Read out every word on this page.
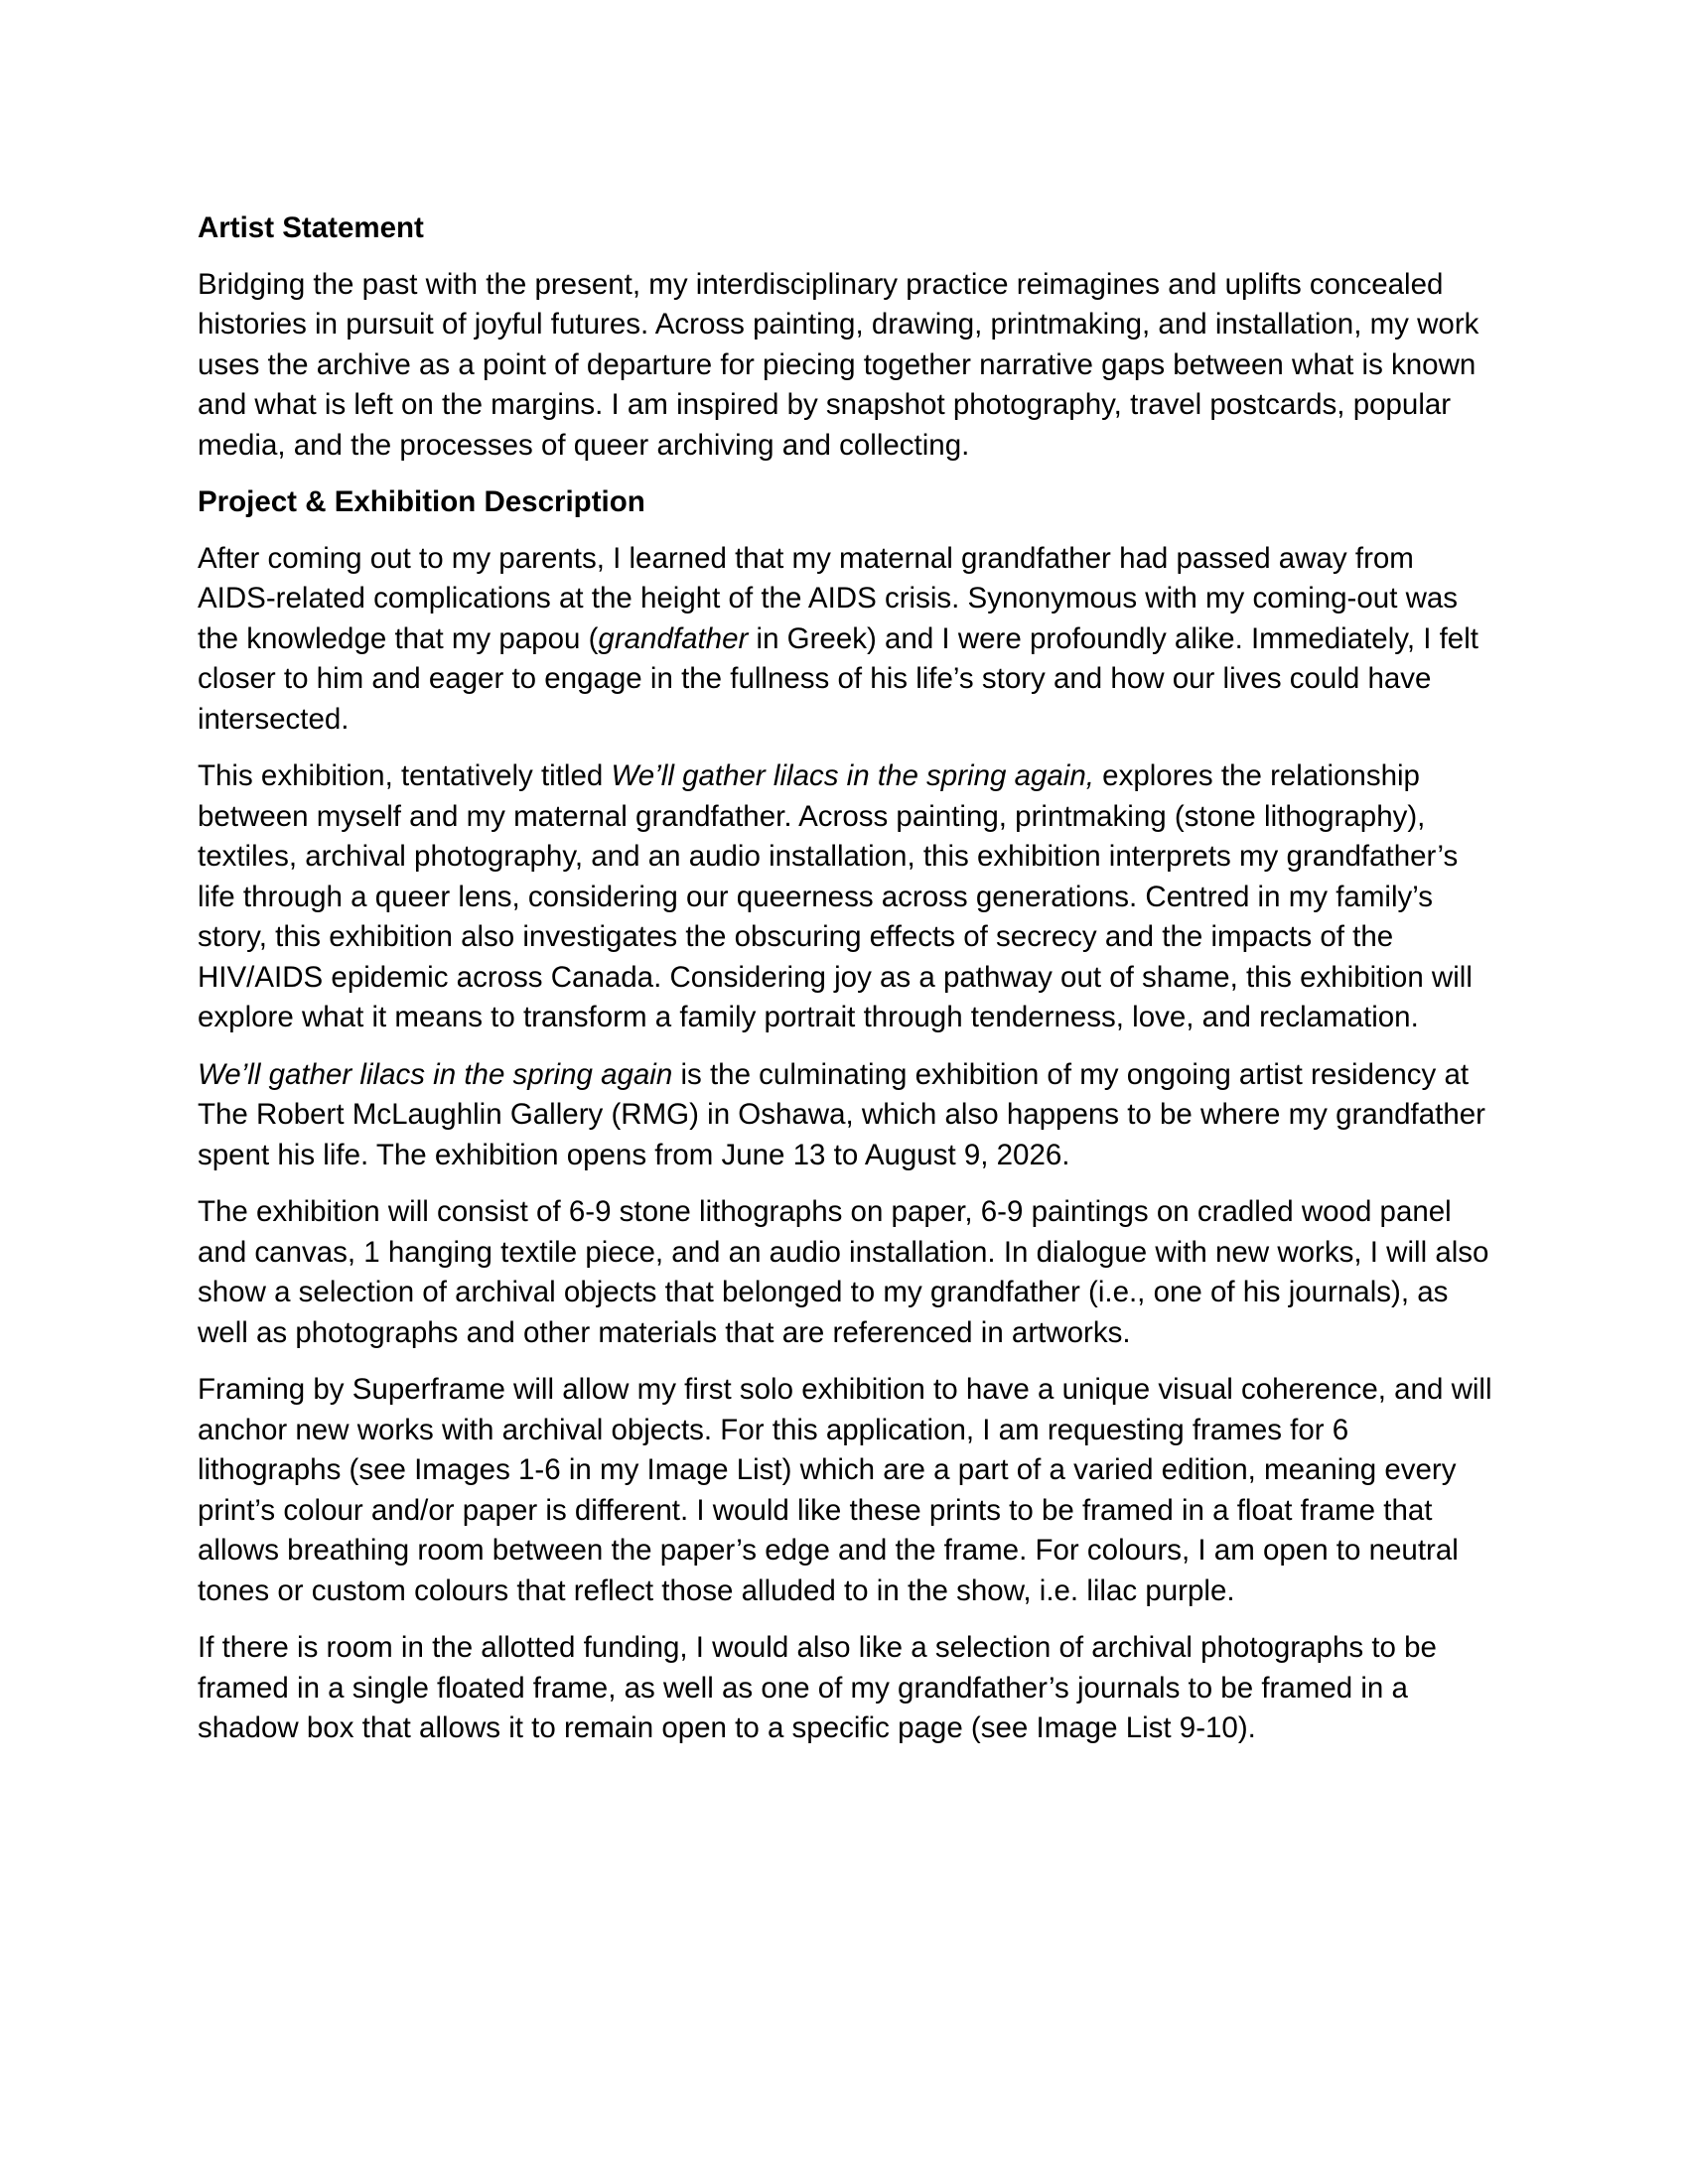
Artist Statement
Bridging the past with the present, my interdisciplinary practice reimagines and uplifts concealed histories in pursuit of joyful futures. Across painting, drawing, printmaking, and installation, my work uses the archive as a point of departure for piecing together narrative gaps between what is known and what is left on the margins. I am inspired by snapshot photography, travel postcards, popular media, and the processes of queer archiving and collecting.
Project & Exhibition Description
After coming out to my parents, I learned that my maternal grandfather had passed away from AIDS-related complications at the height of the AIDS crisis. Synonymous with my coming-out was the knowledge that my papou (grandfather in Greek) and I were profoundly alike. Immediately, I felt closer to him and eager to engage in the fullness of his life’s story and how our lives could have intersected.
This exhibition, tentatively titled We’ll gather lilacs in the spring again, explores the relationship between myself and my maternal grandfather. Across painting, printmaking (stone lithography), textiles, archival photography, and an audio installation, this exhibition interprets my grandfather’s life through a queer lens, considering our queerness across generations. Centred in my family’s story, this exhibition also investigates the obscuring effects of secrecy and the impacts of the HIV/AIDS epidemic across Canada. Considering joy as a pathway out of shame, this exhibition will explore what it means to transform a family portrait through tenderness, love, and reclamation.
We’ll gather lilacs in the spring again is the culminating exhibition of my ongoing artist residency at The Robert McLaughlin Gallery (RMG) in Oshawa, which also happens to be where my grandfather spent his life. The exhibition opens from June 13 to August 9, 2026.
The exhibition will consist of 6-9 stone lithographs on paper, 6-9 paintings on cradled wood panel and canvas, 1 hanging textile piece, and an audio installation. In dialogue with new works, I will also show a selection of archival objects that belonged to my grandfather (i.e., one of his journals), as well as photographs and other materials that are referenced in artworks.
Framing by Superframe will allow my first solo exhibition to have a unique visual coherence, and will anchor new works with archival objects. For this application, I am requesting frames for 6 lithographs (see Images 1-6 in my Image List) which are a part of a varied edition, meaning every print’s colour and/or paper is different. I would like these prints to be framed in a float frame that allows breathing room between the paper’s edge and the frame. For colours, I am open to neutral tones or custom colours that reflect those alluded to in the show, i.e. lilac purple.
If there is room in the allotted funding, I would also like a selection of archival photographs to be framed in a single floated frame, as well as one of my grandfather’s journals to be framed in a shadow box that allows it to remain open to a specific page (see Image List 9-10).
